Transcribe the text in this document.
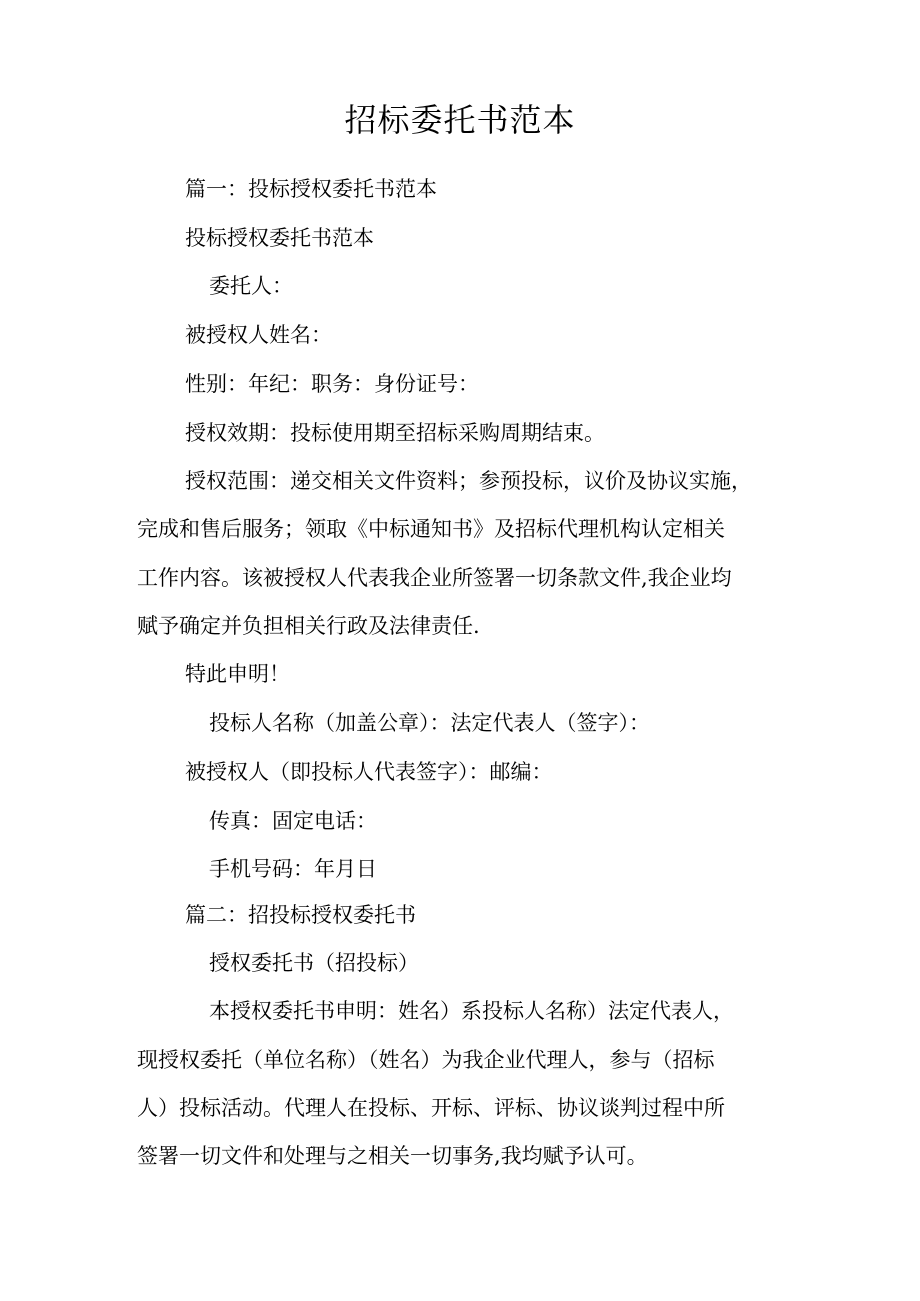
招标委托书范本
篇一：投标授权委托书范本
投标授权委托书范本
委托人：
被授权人姓名：
性别：年纪：职务：身份证号：
授权效期：投标使用期至招标采购周期结束。
授权范围：递交相关文件资料；参预投标，议价及协议实施，
完成和售后服务；领取《中标通知书》及招标代理机构认定相关
工作内容。该被授权人代表我企业所签署一切条款文件,我企业均
赋予确定并负担相关行政及法律责任.
特此申明！
投标人名称（加盖公章）：法定代表人（签字）：
被授权人（即投标人代表签字）：邮编：
传真：固定电话：
手机号码：年月日
篇二：招投标授权委托书
授权委托书（招投标）
本授权委托书申明：姓名）系投标人名称）法定代表人，
现授权委托（单位名称）（姓名）为我企业代理人，参与（招标
人）投标活动。代理人在投标、开标、评标、协议谈判过程中所
签署一切文件和处理与之相关一切事务,我均赋予认可。
